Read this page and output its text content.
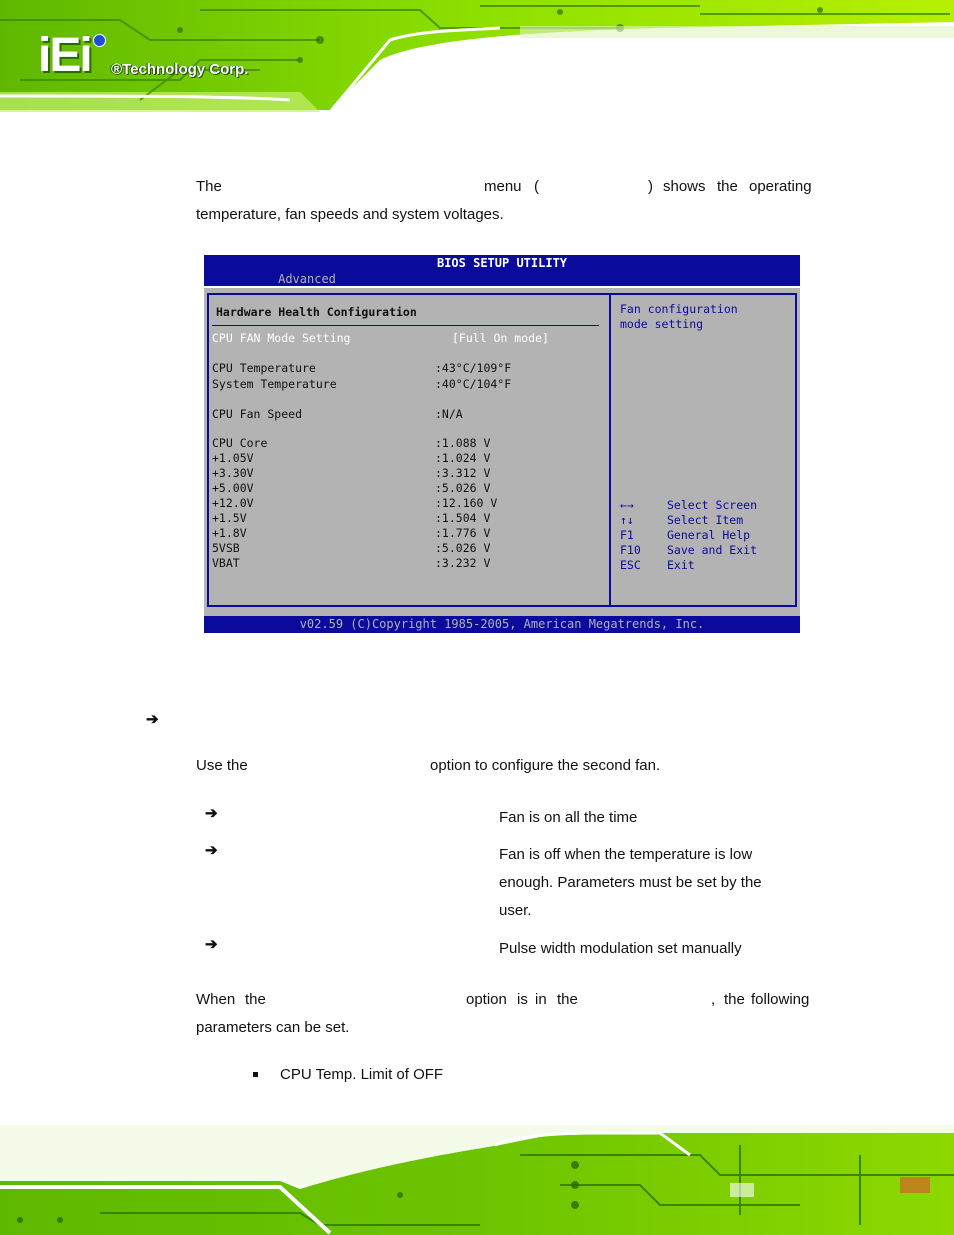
iEi ®Technology Corp.
The	menu (	) shows the operating
temperature, fan speeds and system voltages.
BIOS SETUP UTILITY
Advanced
Hardware Health Configuration
CPU FAN Mode Setting	[Full On mode]
CPU Temperature	:43°C/109°F
System Temperature	:40°C/104°F
CPU Fan Speed	:N/A
CPU Core	:1.088 V
+1.05V	:1.024 V
+3.30V	:3.312 V
+5.00V	:5.026 V
+12.0V	:12.160 V
+1.5V	:1.504 V
+1.8V	:1.776 V
5VSB	:5.026 V
VBAT	:3.232 V
Fan configuration
mode setting
←→	Select Screen
↑↓	Select Item
F1	General Help
F10 Save and Exit
ESC Exit
v02.59 (C)Copyright 1985-2005, American Megatrends, Inc.
➔
Use the	option to configure the second fan.
➔	Fan is on all the time
➔	Fan is off when the temperature is low
enough. Parameters must be set by the
user.
➔	Pulse width modulation set manually
When the	option is in the	, the following
parameters can be set.
CPU Temp. Limit of OFF
